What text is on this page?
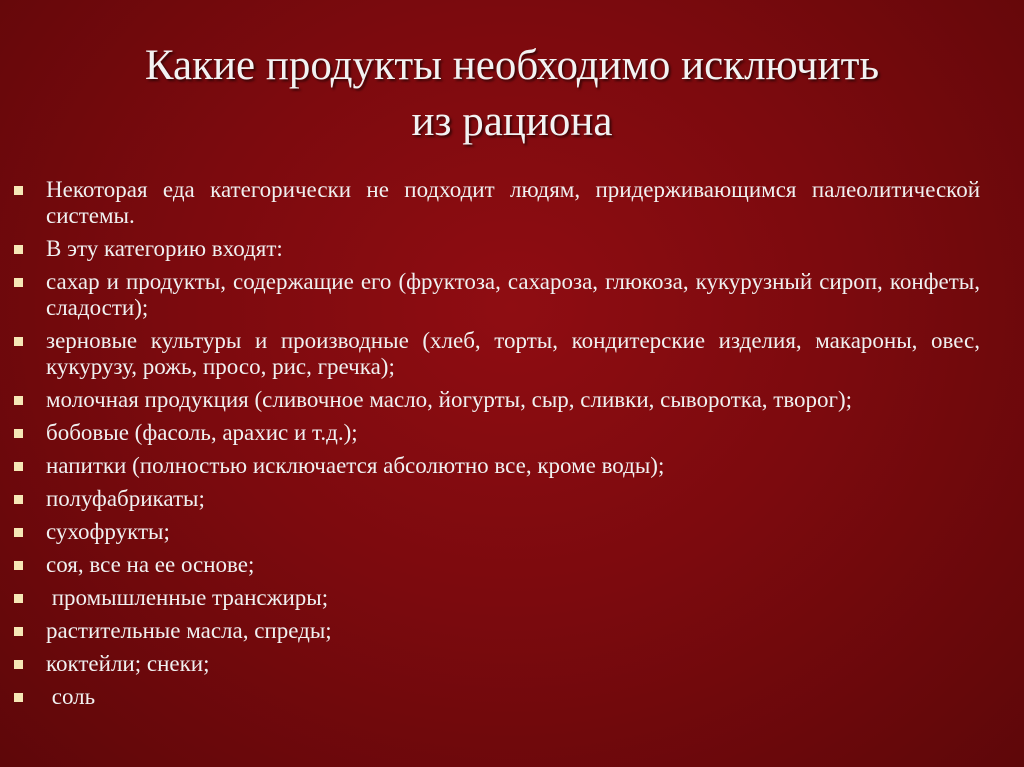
Какие продукты необходимо исключить
из рациона
Некоторая еда категорически не подходит людям, придерживающимся палеолитической системы.
В эту категорию входят:
сахар и продукты, содержащие его (фруктоза, сахароза, глюкоза, кукурузный сироп, конфеты, сладости);
зерновые культуры и производные (хлеб, торты, кондитерские изделия, макароны, овес, кукурузу, рожь, просо, рис, гречка);
молочная продукция (сливочное масло, йогурты, сыр, сливки, сыворотка, творог);
бобовые (фасоль, арахис и т.д.);
напитки (полностью исключается абсолютно все, кроме воды);
полуфабрикаты;
сухофрукты;
соя, все на ее основе;
промышленные трансжиры;
растительные масла, спреды;
коктейли; снеки;
соль
